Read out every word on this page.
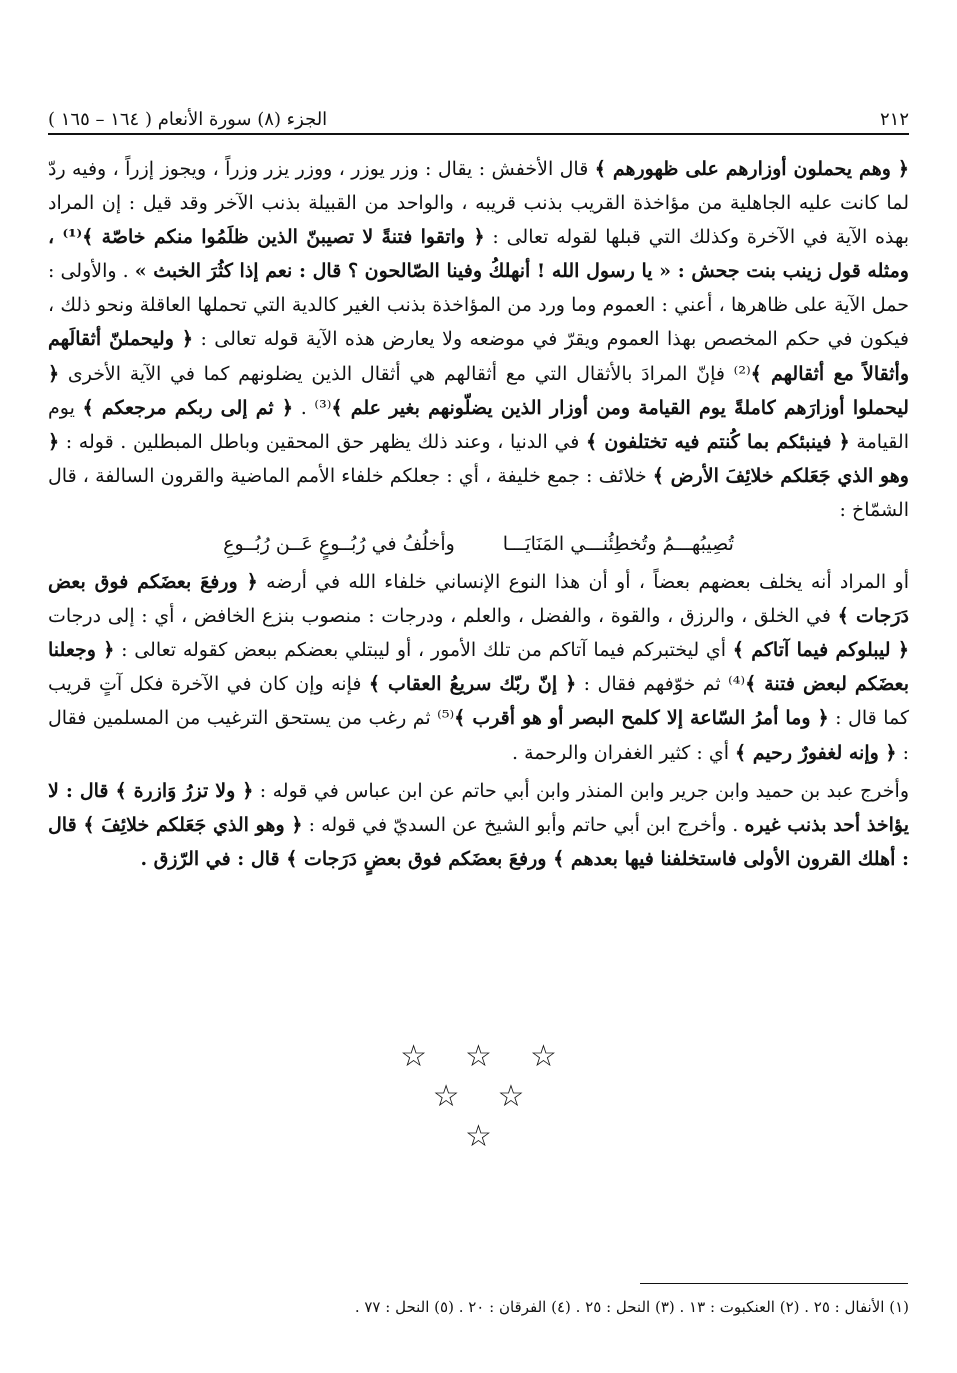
٢١٢
الجزء (٨) سورة الأنعام ( ١٦٤ – ١٦٥ )

﴿ وهم يحملون أوزارهم على ظهورهم ﴾ قال الأخفش : يقال : وزر يوزر ، ووزر يزر وزراً ، ويجوز إزراً ، وفيه ردّ لما كانت عليه الجاهلية من مؤاخذة القريب بذنب قريبه ، والواحد من القبيلة بذنب الآخر وقد قيل : إن المراد بهذه الآية في الآخرة وكذلك التي قبلها لقوله تعالى : ﴿ واتقوا فتنةً لا تصيبنّ الذين ظلَمُوا منكم خاصّة ﴾⁽¹⁾ ، ومثله قول زينب بنت جحش : « يا رسول الله ! أنهلكُ وفينا الصّالحون ؟ قال : نعم إذا كثُرَ الخبث » . والأولى : حمل الآية على ظاهرها ، أعني : العموم وما ورد من المؤاخذة بذنب الغير كالدية التي تحملها العاقلة ونحو ذلك ، فيكون في حكم المخصص بهذا العموم ويقرّ في موضعه ولا يعارض هذه الآية قوله تعالى : ﴿ وليحملنّ أثقالَهم وأثقالاً مع أثقالهم ﴾⁽²⁾ فإنّ المرادَ بالأثقال التي مع أثقالهم هي أثقال الذين يضلونهم كما في الآية الأخرى ﴿ ليحملوا أوزارَهم كاملةً يوم القيامة ومن أوزار الذين يضلّونهم بغير علم ﴾⁽³⁾ . ﴿ ثم إلى ربكم مرجعكم ﴾ يوم القيامة ﴿ فينبئكم بما كُنتم فيه تختلفون ﴾ في الدنيا ، وعند ذلك يظهر حق المحقين وباطل المبطلين . قوله : ﴿ وهو الذي جَعَلكم خلائِفَ الأرض ﴾ خلائف : جمع خليفة ، أي : جعلكم خلفاء الأمم الماضية والقرون السالفة ، قال الشمّاخ :

تُصِيبُهـــمُ وتُخطِئُنـــي المَنَايَـــا
وأخلُفُ في رُبُــوعٍ عَــن رُبُــوعِ

أو المراد أنه يخلف بعضهم بعضاً ، أو أن هذا النوع الإنساني خلفاء الله في أرضه ﴿ ورفعَ بعضَكم فوق بعض دَرَجات ﴾ في الخلق ، والرزق ، والقوة ، والفضل ، والعلم ، ودرجات : منصوب بنزع الخافض ، أي : إلى درجات ﴿ ليبلوكم فيما آتاكم ﴾ أي ليختبركم فيما آتاكم من تلك الأمور ، أو ليبتلي بعضكم ببعض كقوله تعالى : ﴿ وجعلنا بعضَكم لبعض فتنة ﴾⁽⁴⁾ ثم خوّفهم فقال : ﴿ إنّ ربّك سريعُ العقاب ﴾ فإنه وإن كان في الآخرة فكل آتٍ قريب كما قال : ﴿ وما أمرُ السّاعة إلا كلمح البصر أو هو أقرب ﴾⁽⁵⁾ ثم رغب من يستحق الترغيب من المسلمين فقال : ﴿ وإنه لغفورٌ رحيم ﴾ أي : كثير الغفران والرحمة .

وأخرج عبد بن حميد وابن جرير وابن المنذر وابن أبي حاتم عن ابن عباس في قوله : ﴿ ولا تزرُ وَازرة ﴾ قال : لا يؤاخذ أحد بذنب غيره . وأخرج ابن أبي حاتم وأبو الشيخ عن السديّ في قوله : ﴿ وهو الذي جَعَلكم خلائِفَ ﴾ قال : أهلك القرون الأولى فاستخلفنا فيها بعدهم ﴾ ورفعَ بعضَكم فوق بعضٍ دَرَجات ﴾ قال : في الرّزق .

☆ ☆ ☆
☆ ☆
☆
(١) الأنفال : ٢٥ . (٢) العنكبوت : ١٣ . (٣) النحل : ٢٥ . (٤) الفرقان : ٢٠ . (٥) النحل : ٧٧ .
